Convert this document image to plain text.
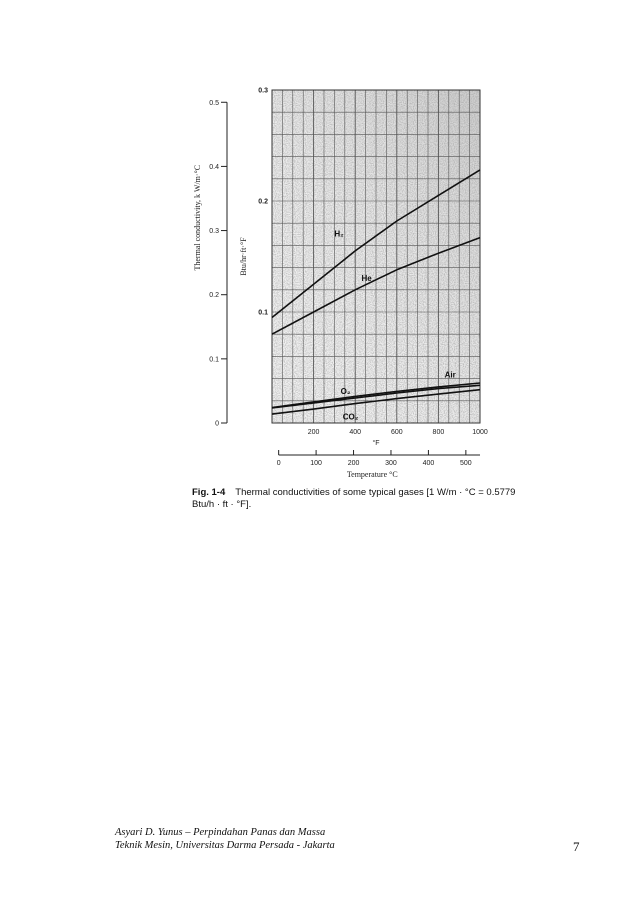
H₂
He
Air
O₂
CO₂
0
0.1
0.2
0.3
0.4
0.5
Thermal conductivity, k W/m·°C
0.1
0.2
0.3
Btu/hr·ft·°F
200	400	600	800	1000
°F
0	100	200	300	400	500
Temperature °C
Fig. 1-4 Thermal conductivities of some typical gases [1 W/m · °C = 0.5779
Btu/h · ft · °F].
Asyari D. Yunus – Perpindahan Panas dan Massa
Teknik Mesin, Universitas Darma Persada - Jakarta	7
